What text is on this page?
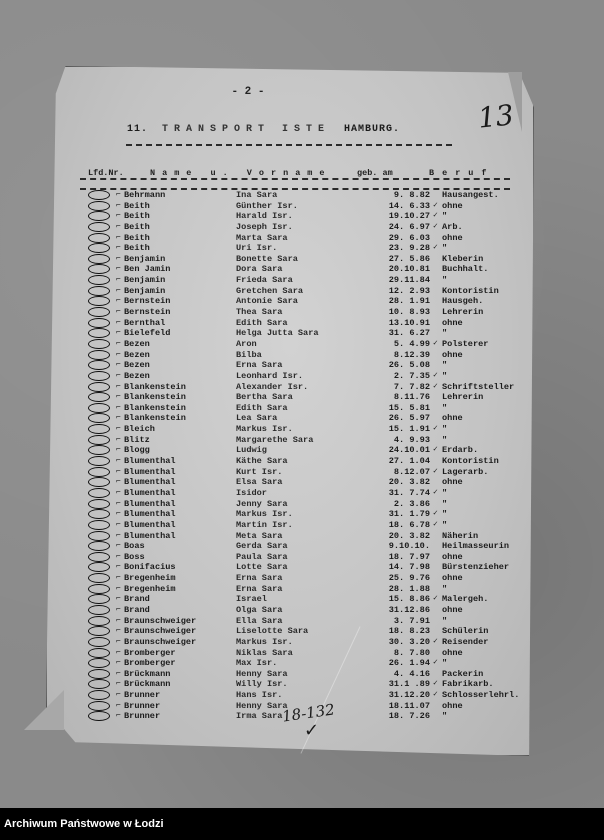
- 2 -
13
11. TRANSPORT ISTE HAMBURG.
Lfd.Nr.	Name u. Vorname	geb. am	Beruf
⌐ Behrmann	Ina Sara	9. 8.82 Hausangest.
⌐ Beith	Günther Isr.	14. 6.33 ✓ ohne
⌐ Beith	Harald Isr.	19.10.27 ✓ "
⌐ Beith	Joseph Isr.	24. 6.97 ✓ Arb.
⌐ Beith	Marta Sara	29. 6.03 ohne
⌐ Beith	Uri Isr.	23. 9.28 ✓ "
⌐ Benjamin	Bonette Sara	27. 5.86 Kleberin
⌐ Ben Jamin	Dora Sara	20.10.81 Buchhalt.
⌐ Benjamin	Frieda Sara	29.11.84 "
⌐ Benjamin	Gretchen Sara	12. 2.93 Kontoristin
⌐ Bernstein	Antonie Sara	28. 1.91 Hausgeh.
⌐ Bernstein	Thea Sara	10. 8.93 Lehrerin
⌐ Bernthal	Edith Sara	13.10.91 ohne
⌐ Bielefeld	Helga Jutta Sara	31. 6.27 "
⌐ Bezen	Aron	5. 4.99 ✓ Polsterer
⌐ Bezen	Bilba	8.12.39 ohne
⌐ Bezen	Erna Sara	26. 5.08 "
⌐ Bezen	Leonhard Isr.	2. 7.35 ✓ "
⌐ Blankenstein	Alexander Isr.	7. 7.82 ✓ Schriftsteller
⌐ Blankenstein	Bertha Sara	8.11.76 Lehrerin
⌐ Blankenstein	Edith Sara	15. 5.81 "
⌐ Blankenstein	Lea Sara	26. 5.97 ohne
⌐ Bleich	Markus Isr.	15. 1.91 ✓ "
⌐ Blitz	Margarethe Sara	4. 9.93 "
⌐ Blogg	Ludwig	24.10.01 ✓ Erdarb.
⌐ Blumenthal	Käthe Sara	27. 1.04 Kontoristin
⌐ Blumenthal	Kurt Isr.	8.12.07 ✓ Lagerarb.
⌐ Blumenthal	Elsa Sara	20. 3.82 ohne
⌐ Blumenthal	Isidor	31. 7.74 ✓ "
⌐ Blumenthal	Jenny Sara	2. 3.86 "
⌐ Blumenthal	Markus Isr.	31. 1.79 ✓ "
⌐ Blumenthal	Martin Isr.	18. 6.78 ✓ "
⌐ Blumenthal	Meta Sara	20. 3.82 Näherin
⌐ Boas	Gerda Sara	9.10.10. Heilmasseurin
⌐ Boss	Paula Sara	18. 7.97 ohne
⌐ Bonifacius	Lotte Sara	14. 7.98 Bürstenzieher
⌐ Bregenheim	Erna Sara	25. 9.76 ohne
⌐ Bregenheim	Erna Sara	28. 1.88 "
⌐ Brand	Israel	15. 8.86 ✓ Malergeh.
⌐ Brand	Olga Sara	31.12.86 ohne
⌐ Braunschweiger	Ella Sara	3. 7.91 "
⌐ Braunschweiger	Liselotte Sara	18. 8.23 Schülerin
⌐ Braunschweiger	Markus Isr.	30. 3.20 ✓ Reisender
⌐ Bromberger	Niklas Sara	8. 7.80 ohne
⌐ Bromberger	Max Isr.	26. 1.94 ✓ "
⌐ Brückmann	Henny Sara	4. 4.16 Packerin
⌐ Brückmann	Willy Isr.	31.1 .89 ✓ Fabrikarb.
⌐ Brunner	Hans Isr.	31.12.20 ✓ Schlosserlehrl.
⌐ Brunner	Henny Sara	18.11.07 ohne
⌐ Brunner	Irma Sara	18. 7.26 "
18-132
✓
Archiwum Państwowe w Łodzi
